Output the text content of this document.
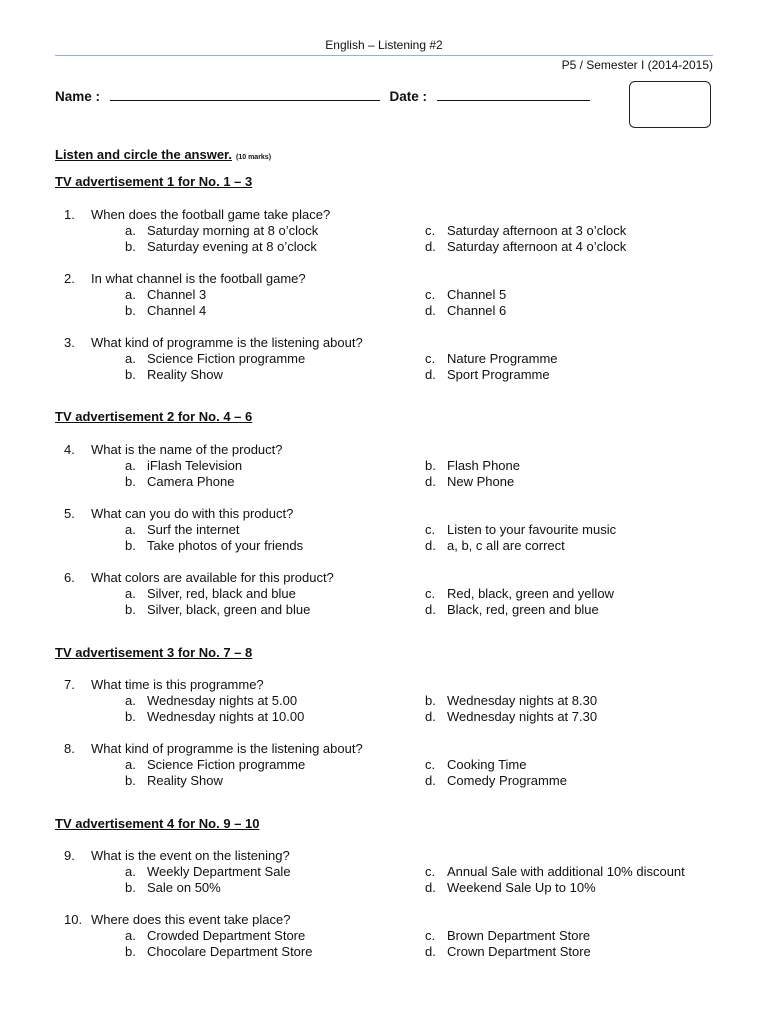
English – Listening #2
P5 / Semester I (2014-2015)
Name :	Date :
Listen and circle the answer. (10 marks)
TV advertisement 1 for No. 1 – 3
1. When does the football game take place?
a. Saturday morning at 8 o’clock	c. Saturday afternoon at 3 o’clock
b. Saturday evening at 8 o’clock	d. Saturday afternoon at 4 o’clock
2. In what channel is the football game?
a. Channel 3	c. Channel 5
b. Channel 4	d. Channel 6
3. What kind of programme is the listening about?
a. Science Fiction programme	c. Nature Programme
b. Reality Show	d. Sport Programme
TV advertisement 2 for No. 4 – 6
4. What is the name of the product?
a. iFlash Television	b. Flash Phone
b. Camera Phone	d. New Phone
5. What can you do with this product?
a. Surf the internet	c. Listen to your favourite music
b. Take photos of your friends	d. a, b, c all are correct
6. What colors are available for this product?
a. Silver, red, black and blue	c. Red, black, green and yellow
b. Silver, black, green and blue	d. Black, red, green and blue
TV advertisement 3 for No. 7 – 8
7. What time is this programme?
a. Wednesday nights at 5.00	b. Wednesday nights at 8.30
b. Wednesday nights at 10.00	d. Wednesday nights at 7.30
8. What kind of programme is the listening about?
a. Science Fiction programme	c. Cooking Time
b. Reality Show	d. Comedy Programme
TV advertisement 4 for No. 9 – 10
9. What is the event on the listening?
a. Weekly Department Sale	c. Annual Sale with additional 10% discount
b. Sale on 50%	d. Weekend Sale Up to 10%
10. Where does this event take place?
a. Crowded Department Store	c. Brown Department Store
b. Chocolare Department Store	d. Crown Department Store
